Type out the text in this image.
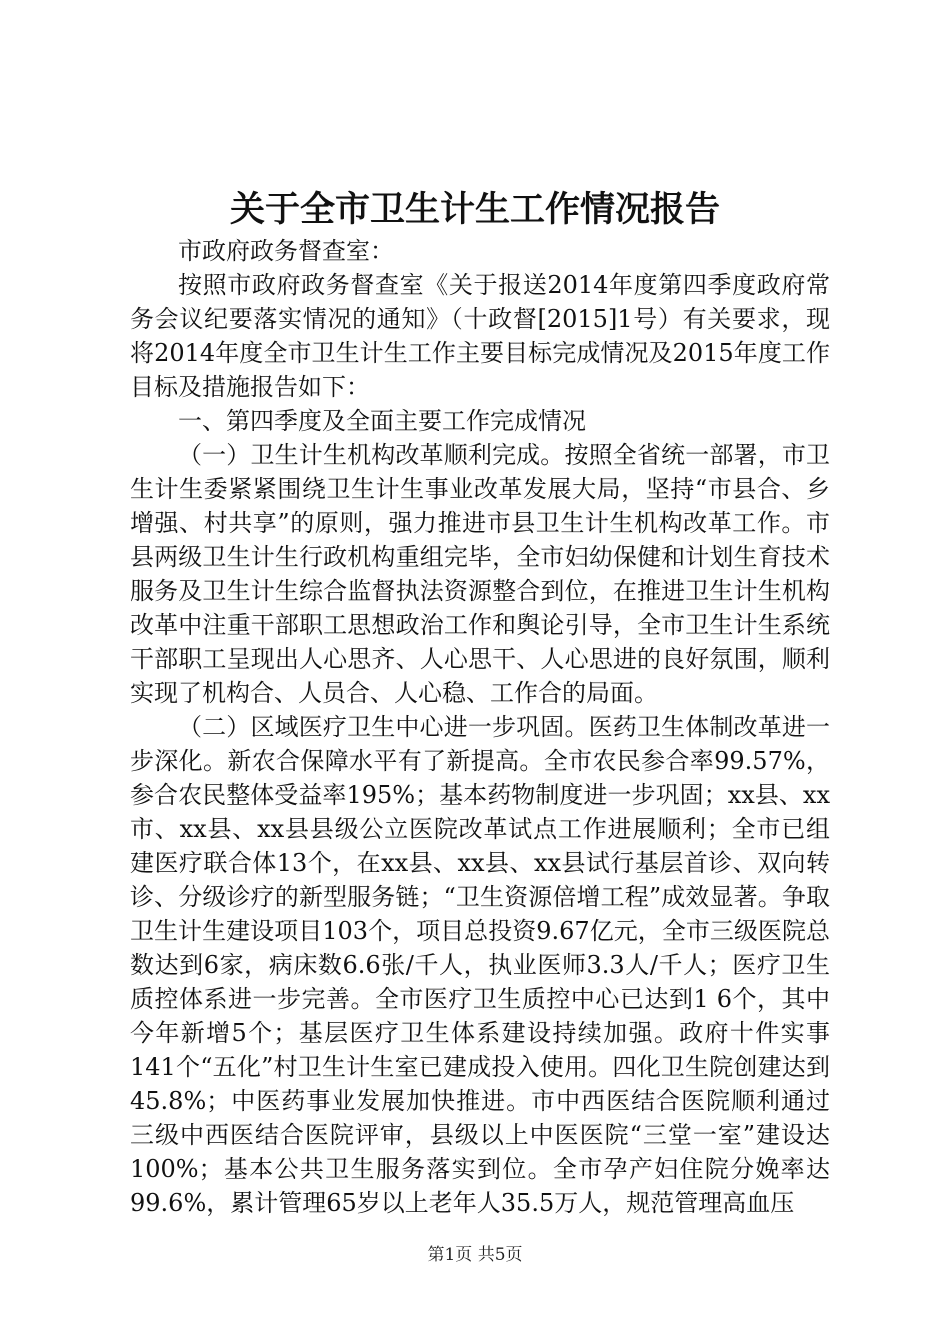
关于全市卫生计生工作情况报告

市政府政务督查室：

按照市政府政务督查室《关于报送2014年度第四季度政府常务会议纪要落实情况的通知》（十政督[2015]1号）有关要求，现将2014年度全市卫生计生工作主要目标完成情况及2015年度工作目标及措施报告如下：

一、第四季度及全面主要工作完成情况

（一）卫生计生机构改革顺利完成。按照全省统一部署，市卫生计生委紧紧围绕卫生计生事业改革发展大局，坚持“市县合、乡增强、村共享”的原则，强力推进市县卫生计生机构改革工作。市县两级卫生计生行政机构重组完毕，全市妇幼保健和计划生育技术服务及卫生计生综合监督执法资源整合到位，在推进卫生计生机构改革中注重干部职工思想政治工作和舆论引导，全市卫生计生系统干部职工呈现出人心思齐、人心思干、人心思进的良好氛围，顺利实现了机构合、人员合、人心稳、工作合的局面。

（二）区域医疗卫生中心进一步巩固。医药卫生体制改革进一步深化。新农合保障水平有了新提高。全市农民参合率99.57%，参合农民整体受益率195%；基本药物制度进一步巩固；xx县、xx市、xx县、xx县县级公立医院改革试点工作进展顺利；全市已组建医疗联合体13个，在xx县、xx县、xx县试行基层首诊、双向转诊、分级诊疗的新型服务链；“卫生资源倍增工程”成效显著。争取卫生计生建设项目103个，项目总投资9.67亿元，全市三级医院总数达到6家，病床数6.6张/千人，执业医师3.3人/千人；医疗卫生质控体系进一步完善。全市医疗卫生质控中心已达到1 6个，其中今年新增5个；基层医疗卫生体系建设持续加强。政府十件实事141个“五化”村卫生计生室已建成投入使用。四化卫生院创建达到45.8%；中医药事业发展加快推进。市中西医结合医院顺利通过三级中西医结合医院评审，县级以上中医医院“三堂一室”建设达100%；基本公共卫生服务落实到位。全市孕产妇住院分娩率达99.6%，累计管理65岁以上老年人35.5万人，规范管理高血压

第1页 共5页
